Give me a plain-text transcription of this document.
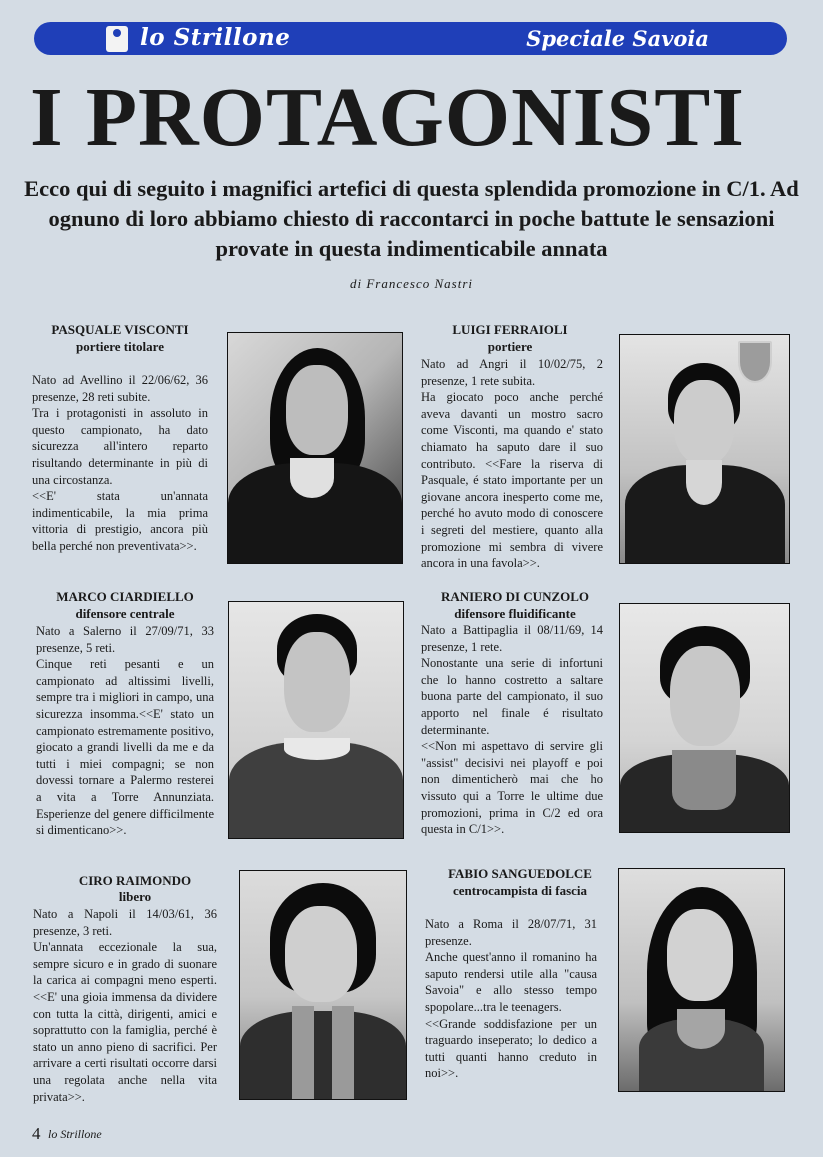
lo Strillone	Speciale Savoia
I PROTAGONISTI

Ecco qui di seguito i magnifici artefici di questa splendida promozione in C/1. Ad ognuno di loro abbiamo chiesto di raccontarci in poche battute le sensazioni provate in questa indimenticabile annata

di Francesco Nastri

PASQUALE VISCONTI

portiere titolare

Nato ad Avellino il 22/06/62, 36 presenze, 28 reti subite.
Tra i protagonisti in assoluto in questo campionato, ha dato sicurezza all'intero reparto risultando determinante in più di una circostanza.
<<E' stata un'annata indimenticabile, la mia prima vittoria di prestigio, ancora più bella perché non preventivata>>.

LUIGI FERRAIOLI

portiere

Nato ad Angri il 10/02/75, 2 presenze, 1 rete subita.
Ha giocato poco anche perché aveva davanti un mostro sacro come Visconti, ma quando e' stato chiamato ha saputo dare il suo contributo. <<Fare la riserva di Pasquale, é stato importante per un giovane ancora inesperto come me, perché ho avuto modo di conoscere i segreti del mestiere, quanto alla promozione mi sembra di vivere ancora in una favola>>.

MARCO CIARDIELLO

difensore centrale

Nato a Salerno il 27/09/71, 33 presenze, 5 reti.
Cinque reti pesanti e un campionato ad altissimi livelli, sempre tra i migliori in campo, una sicurezza insomma.<<E' stato un campionato estremamente positivo, giocato a grandi livelli da me e da tutti i miei compagni; se non dovessi tornare a Palermo resterei a vita a Torre Annunziata. Esperienze del genere difficilmente si dimenticano>>.

RANIERO DI CUNZOLO

difensore fluidificante

Nato a Battipaglia il 08/11/69, 14 presenze, 1 rete.
Nonostante una serie di infortuni che lo hanno costretto a saltare buona parte del campionato, il suo apporto nel finale é risultato determinante.
<<Non mi aspettavo di servire gli "assist" decisivi nei playoff e poi non dimenticherò mai che ho vissuto qui a Torre le ultime due promozioni, prima in C/2 ed ora questa in C/1>>.

CIRO RAIMONDO

libero

Nato a Napoli il 14/03/61, 36 presenze, 3 reti.
Un'annata eccezionale la sua, sempre sicuro e in grado di suonare la carica ai compagni meno esperti. <<E' una gioia immensa da dividere con tutta la città, dirigenti, amici e soprattutto con la famiglia, perché è stato un anno pieno di sacrifici. Per arrivare a certi risultati occorre darsi una regolata anche nella vita privata>>.

FABIO SANGUEDOLCE

centrocampista di fascia

Nato a Roma il 28/07/71, 31 presenze.
Anche quest'anno il romanino ha saputo rendersi utile alla "causa Savoia" e allo stesso tempo spopolare...tra le teenagers.
<<Grande soddisfazione per un traguardo inseperato; lo dedico a tutti quanti hanno creduto in noi>>.

4 lo Strillone
